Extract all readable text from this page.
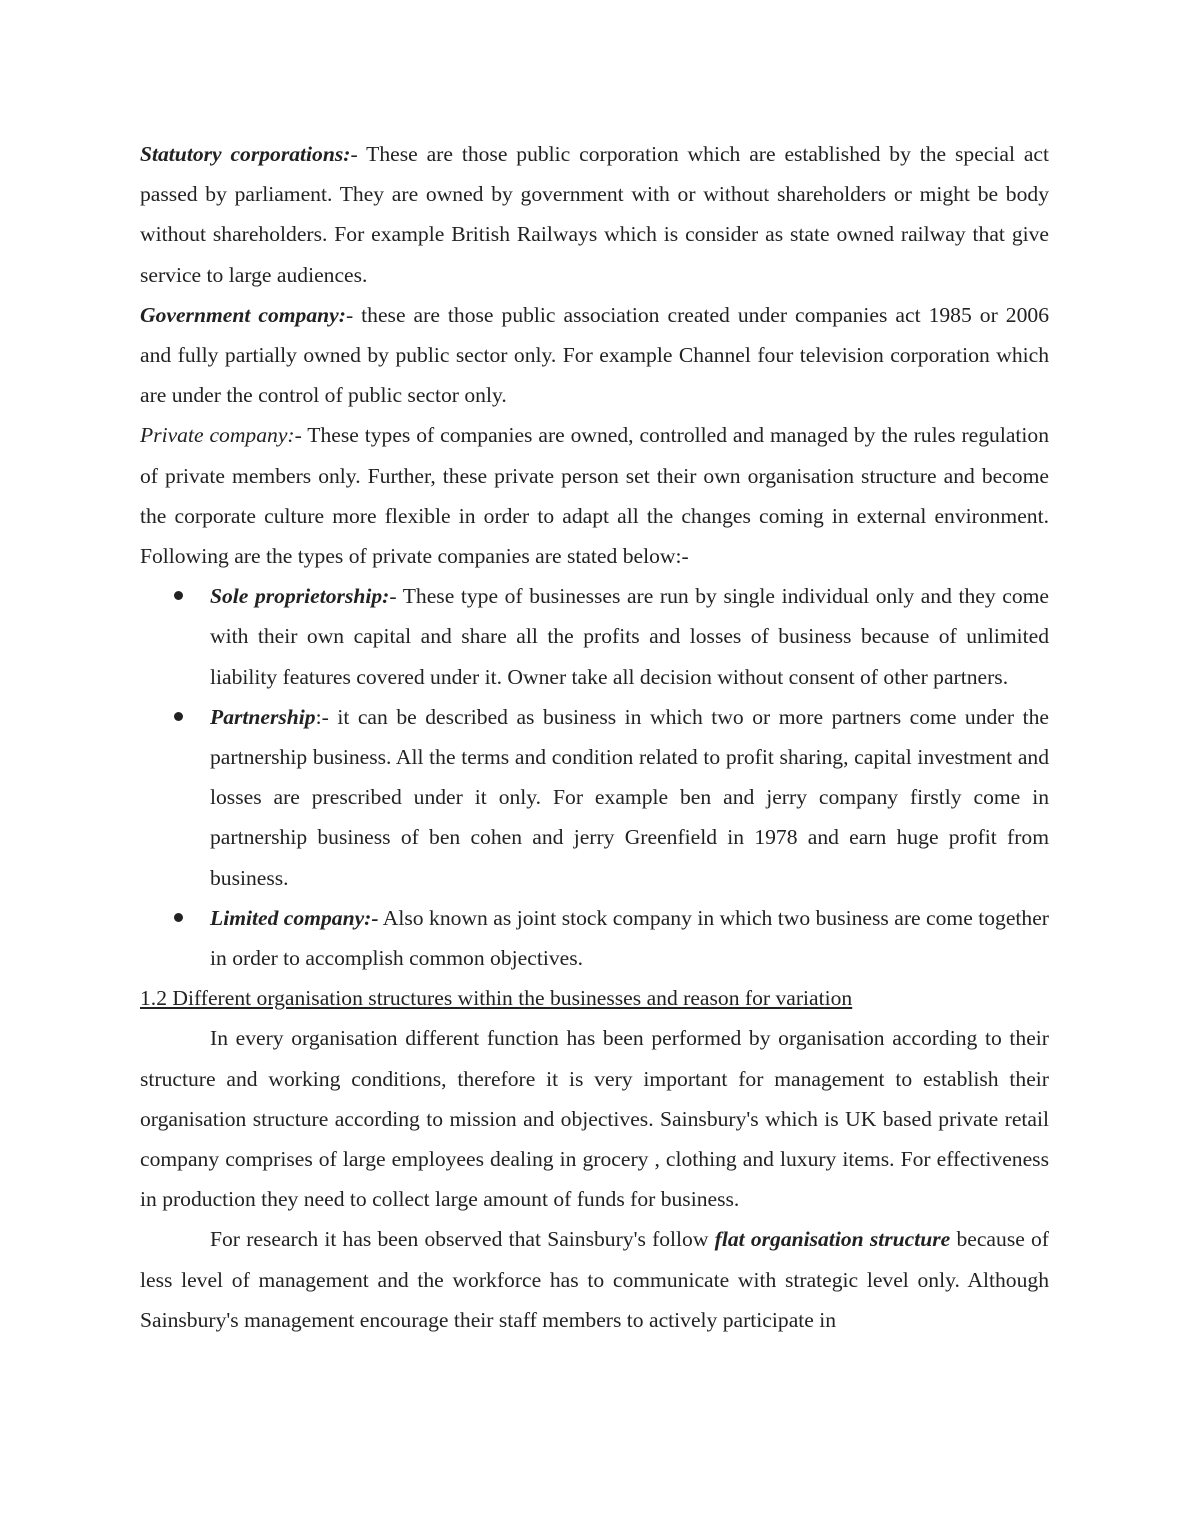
Statutory corporations:- These are those public corporation which are established by the special act passed by parliament. They are owned by government with or without shareholders or might be body without shareholders. For example British Railways which is consider as state owned railway that give service to large audiences.

Government company:- these are those public association created under companies act 1985 or 2006 and fully partially owned by public sector only. For example Channel four television corporation which are under the control of public sector only.

Private company:- These types of companies are owned, controlled and managed by the rules regulation of private members only. Further, these private person set their own organisation structure and become the corporate culture more flexible in order to adapt all the changes coming in external environment. Following are the types of private companies are stated below:-

Sole proprietorship:- These type of businesses are run by single individual only and they come with their own capital and share all the profits and losses of business because of unlimited liability features covered under it. Owner take all decision without consent of other partners.
Partnership:- it can be described as business in which two or more partners come under the partnership business. All the terms and condition related to profit sharing, capital investment and losses are prescribed under it only. For example ben and jerry company firstly come in partnership business of ben cohen and jerry Greenfield in 1978 and earn huge profit from business.
Limited company:- Also known as joint stock company in which two business are come together in order to accomplish common objectives.

1.2 Different organisation structures within the businesses and reason for variation

In every organisation different function has been performed by organisation according to their structure and working conditions, therefore it is very important for management to establish their organisation structure according to mission and objectives. Sainsbury's which is UK based private retail company comprises of large employees dealing in grocery , clothing and luxury items. For effectiveness in production they need to collect large amount of funds for business.

For research it has been observed that Sainsbury's follow flat organisation structure because of less level of management and the workforce has to communicate with strategic level only. Although Sainsbury's management encourage their staff members to actively participate in
